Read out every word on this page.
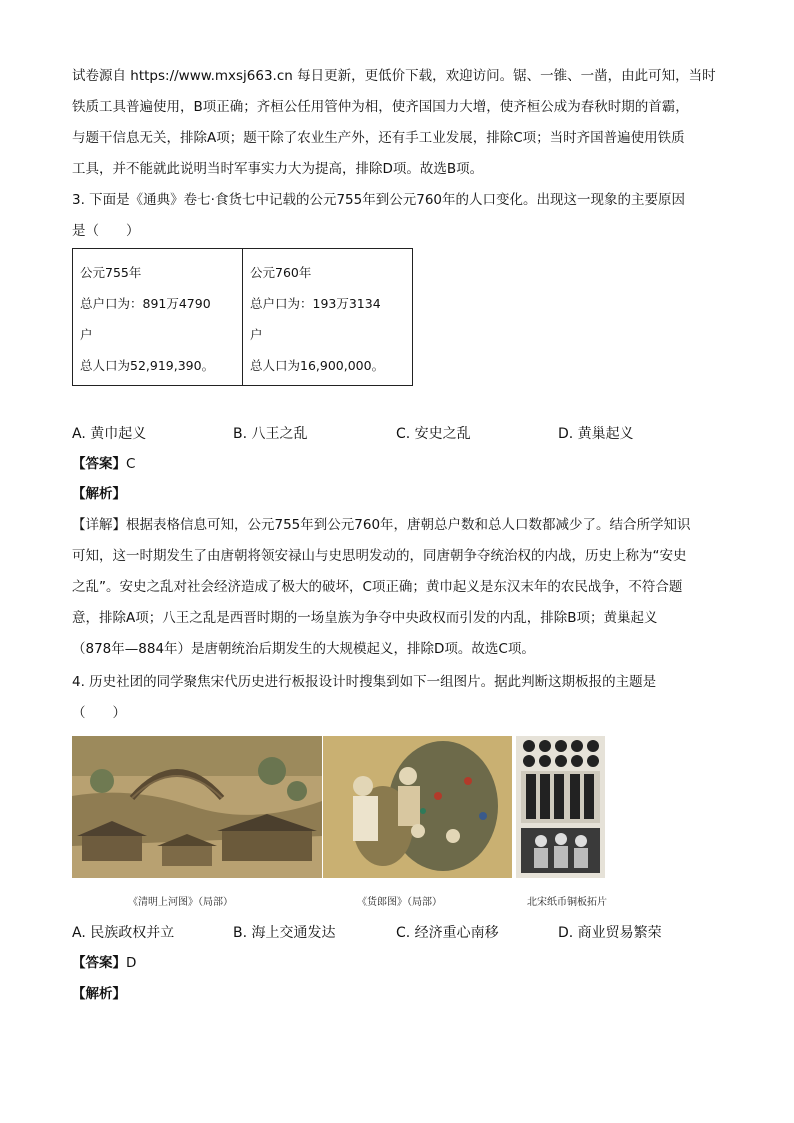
试卷源自 https://www.mxsj663.cn 每日更新，更低价下载，欢迎访问。锯、一锥、一凿，由此可知，当时
铁质工具普遍使用，B项正确；齐桓公任用管仲为相，使齐国国力大增，使齐桓公成为春秋时期的首霸，
与题干信息无关，排除A项；题干除了农业生产外，还有手工业发展，排除C项；当时齐国普遍使用铁质
工具，并不能就此说明当时军事实力大为提高，排除D项。故选B项。
3. 下面是《通典》卷七·食货七中记载的公元755年到公元760年的人口变化。出现这一现象的主要原因
是（　　）
公元755年
总户口为：891万4790
户
总人口为52,919,390。

公元760年
总户口为：193万3134
户
总人口为16,900,000。
A. 黄巾起义	B. 八王之乱	C. 安史之乱	D. 黄巢起义
【答案】C
【解析】
【详解】根据表格信息可知，公元755年到公元760年，唐朝总户数和总人口数都减少了。结合所学知识
可知，这一时期发生了由唐朝将领安禄山与史思明发动的，同唐朝争夺统治权的内战，历史上称为“安史
之乱”。安史之乱对社会经济造成了极大的破坏，C项正确；黄巾起义是东汉末年的农民战争，不符合题
意，排除A项；八王之乱是西晋时期的一场皇族为争夺中央政权而引发的内乱，排除B项；黄巢起义
（878年—884年）是唐朝统治后期发生的大规模起义，排除D项。故选C项。
4. 历史社团的同学聚焦宋代历史进行板报设计时搜集到如下一组图片。据此判断这期板报的主题是
（　　）
《清明上河图》（局部）	《货郎图》（局部）	北宋纸币铜板拓片
A. 民族政权并立	B. 海上交通发达	C. 经济重心南移	D. 商业贸易繁荣
【答案】D
【解析】
